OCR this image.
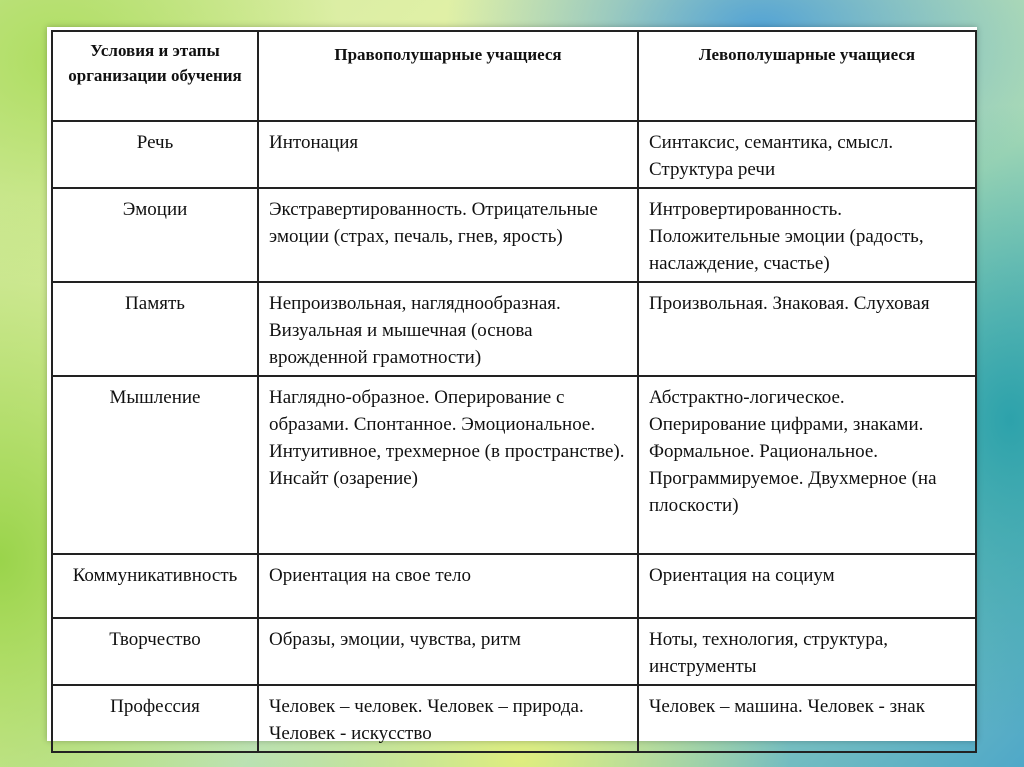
Условия и этапы организации обучения	Правополушарные учащиеся	Левополушарные учащиеся
Речь	Интонация	Синтаксис, семантика, смысл. Структура речи
Эмоции	Экстравертированность. Отрицательные эмоции (страх, печаль, гнев, ярость)	Интровертированность. Положительные эмоции (радость, наслаждение, счастье)
Память	Непроизвольная, нагляднообразная. Визуальная и мышечная (основа врожденной грамотности)	Произвольная. Знаковая. Слуховая
Мышление	Наглядно-образное. Оперирование с образами. Спонтанное. Эмоциональное. Интуитивное, трехмерное (в пространстве). Инсайт (озарение)	Абстрактно-логическое. Оперирование цифрами, знаками. Формальное. Рациональное. Программируемое. Двухмерное (на плоскости)
Коммуникативность	Ориентация на свое тело	Ориентация на социум
Творчество	Образы, эмоции, чувства, ритм	Ноты, технология, структура, инструменты
Профессия	Человек – человек. Человек – природа. Человек - искусство	Человек – машина. Человек - знак
